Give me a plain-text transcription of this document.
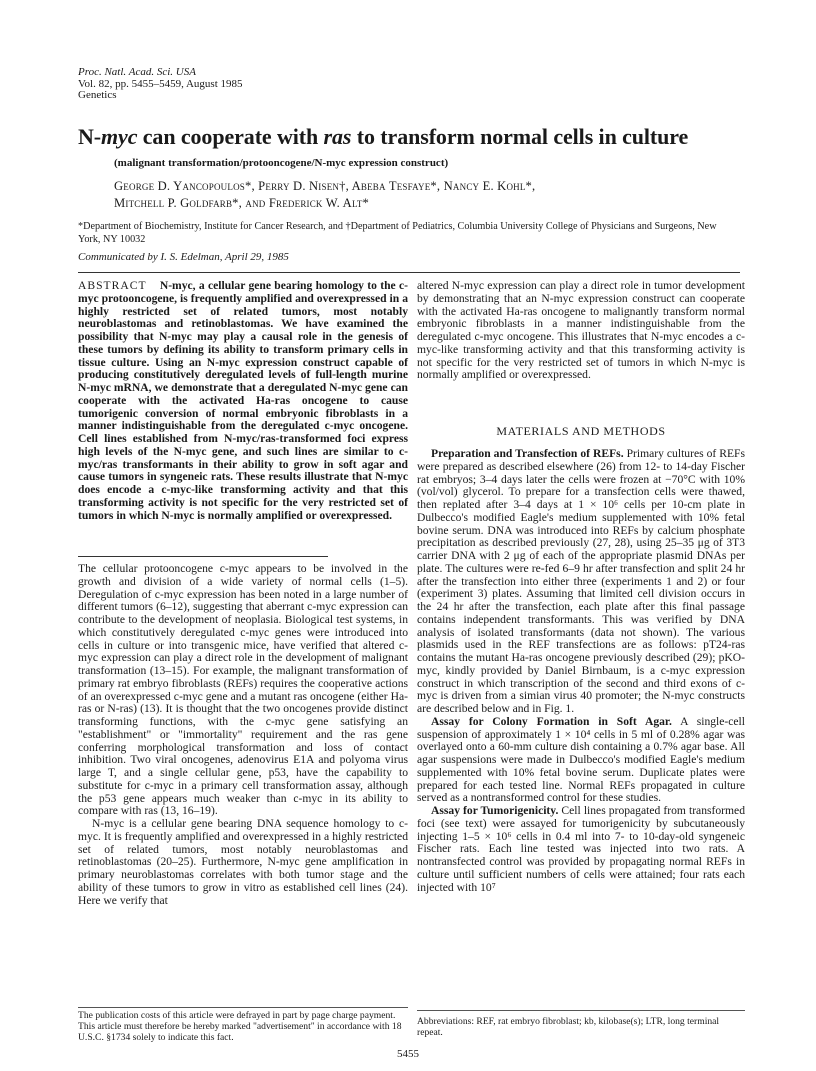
Proc. Natl. Acad. Sci. USA
Vol. 82, pp. 5455–5459, August 1985
Genetics
N-myc can cooperate with ras to transform normal cells in culture
(malignant transformation/protooncogene/N-myc expression construct)
George D. Yancopoulos*, Perry D. Nisen†, Abeba Tesfaye*, Nancy E. Kohl*,
Mitchell P. Goldfarb*, and Frederick W. Alt*
*Department of Biochemistry, Institute for Cancer Research, and †Department of Pediatrics, Columbia University College of Physicians and Surgeons, New York, NY 10032
Communicated by I. S. Edelman, April 29, 1985

ABSTRACT N-myc, a cellular gene bearing homology to the c-myc protooncogene, is frequently amplified and overexpressed in a highly restricted set of related tumors, most notably neuroblastomas and retinoblastomas. We have examined the possibility that N-myc may play a causal role in the genesis of these tumors by defining its ability to transform primary cells in tissue culture. Using an N-myc expression construct capable of producing constitutively deregulated levels of full-length murine N-myc mRNA, we demonstrate that a deregulated N-myc gene can cooperate with the activated Ha-ras oncogene to cause tumorigenic conversion of normal embryonic fibroblasts in a manner indistinguishable from the deregulated c-myc oncogene. Cell lines established from N-myc/ras-transformed foci express high levels of the N-myc gene, and such lines are similar to c-myc/ras transformants in their ability to grow in soft agar and cause tumors in syngeneic rats. These results illustrate that N-myc does encode a c-myc-like transforming activity and that this transforming activity is not specific for the very restricted set of tumors in which N-myc is normally amplified or overexpressed.

The cellular protooncogene c-myc appears to be involved in the growth and division of a wide variety of normal cells (1–5). Deregulation of c-myc expression has been noted in a large number of different tumors (6–12), suggesting that aberrant c-myc expression can contribute to the development of neoplasia. Biological test systems, in which constitutively deregulated c-myc genes were introduced into cells in culture or into transgenic mice, have verified that altered c-myc expression can play a direct role in the development of malignant transformation (13–15). For example, the malignant transformation of primary rat embryo fibroblasts (REFs) requires the cooperative actions of an overexpressed c-myc gene and a mutant ras oncogene (either Ha-ras or N-ras) (13). It is thought that the two oncogenes provide distinct transforming functions, with the c-myc gene satisfying an "establishment" or "immortality" requirement and the ras gene conferring morphological transformation and loss of contact inhibition. Two viral oncogenes, adenovirus E1A and polyoma virus large T, and a single cellular gene, p53, have the capability to substitute for c-myc in a primary cell transformation assay, although the p53 gene appears much weaker than c-myc in its ability to compare with ras (13, 16–19).

N-myc is a cellular gene bearing DNA sequence homology to c-myc. It is frequently amplified and overexpressed in a highly restricted set of related tumors, most notably neuroblastomas and retinoblastomas (20–25). Furthermore, N-myc gene amplification in primary neuroblastomas correlates with both tumor stage and the ability of these tumors to grow in vitro as established cell lines (24). Here we verify that

The publication costs of this article were defrayed in part by page charge payment. This article must therefore be hereby marked "advertisement" in accordance with 18 U.S.C. §1734 solely to indicate this fact.
altered N-myc expression can play a direct role in tumor development by demonstrating that an N-myc expression construct can cooperate with the activated Ha-ras oncogene to malignantly transform normal embryonic fibroblasts in a manner indistinguishable from the deregulated c-myc oncogene. This illustrates that N-myc encodes a c-myc-like transforming activity and that this transforming activity is not specific for the very restricted set of tumors in which N-myc is normally amplified or overexpressed.
MATERIALS AND METHODS

Preparation and Transfection of REFs. Primary cultures of REFs were prepared as described elsewhere (26) from 12- to 14-day Fischer rat embryos; 3–4 days later the cells were frozen at −70°C with 10% (vol/vol) glycerol. To prepare for a transfection cells were thawed, then replated after 3–4 days at 1 × 10⁶ cells per 10-cm plate in Dulbecco's modified Eagle's medium supplemented with 10% fetal bovine serum. DNA was introduced into REFs by calcium phosphate precipitation as described previously (27, 28), using 25–35 μg of 3T3 carrier DNA with 2 μg of each of the appropriate plasmid DNAs per plate. The cultures were re-fed 6–9 hr after transfection and split 24 hr after the transfection into either three (experiments 1 and 2) or four (experiment 3) plates. Assuming that limited cell division occurs in the 24 hr after the transfection, each plate after this final passage contains independent transformants. This was verified by DNA analysis of isolated transformants (data not shown). The various plasmids used in the REF transfections are as follows: pT24-ras contains the mutant Ha-ras oncogene previously described (29); pKO-myc, kindly provided by Daniel Birnbaum, is a c-myc expression construct in which transcription of the second and third exons of c-myc is driven from a simian virus 40 promoter; the N-myc constructs are described below and in Fig. 1.

Assay for Colony Formation in Soft Agar. A single-cell suspension of approximately 1 × 10⁴ cells in 5 ml of 0.28% agar was overlayed onto a 60-mm culture dish containing a 0.7% agar base. All agar suspensions were made in Dulbecco's modified Eagle's medium supplemented with 10% fetal bovine serum. Duplicate plates were prepared for each tested line. Normal REFs propagated in culture served as a nontransformed control for these studies.

Assay for Tumorigenicity. Cell lines propagated from transformed foci (see text) were assayed for tumorigenicity by subcutaneously injecting 1–5 × 10⁶ cells in 0.4 ml into 7- to 10-day-old syngeneic Fischer rats. Each line tested was injected into two rats. A nontransfected control was provided by propagating normal REFs in culture until sufficient numbers of cells were attained; four rats each injected with 10⁷

Abbreviations: REF, rat embryo fibroblast; kb, kilobase(s); LTR, long terminal repeat.
5455
